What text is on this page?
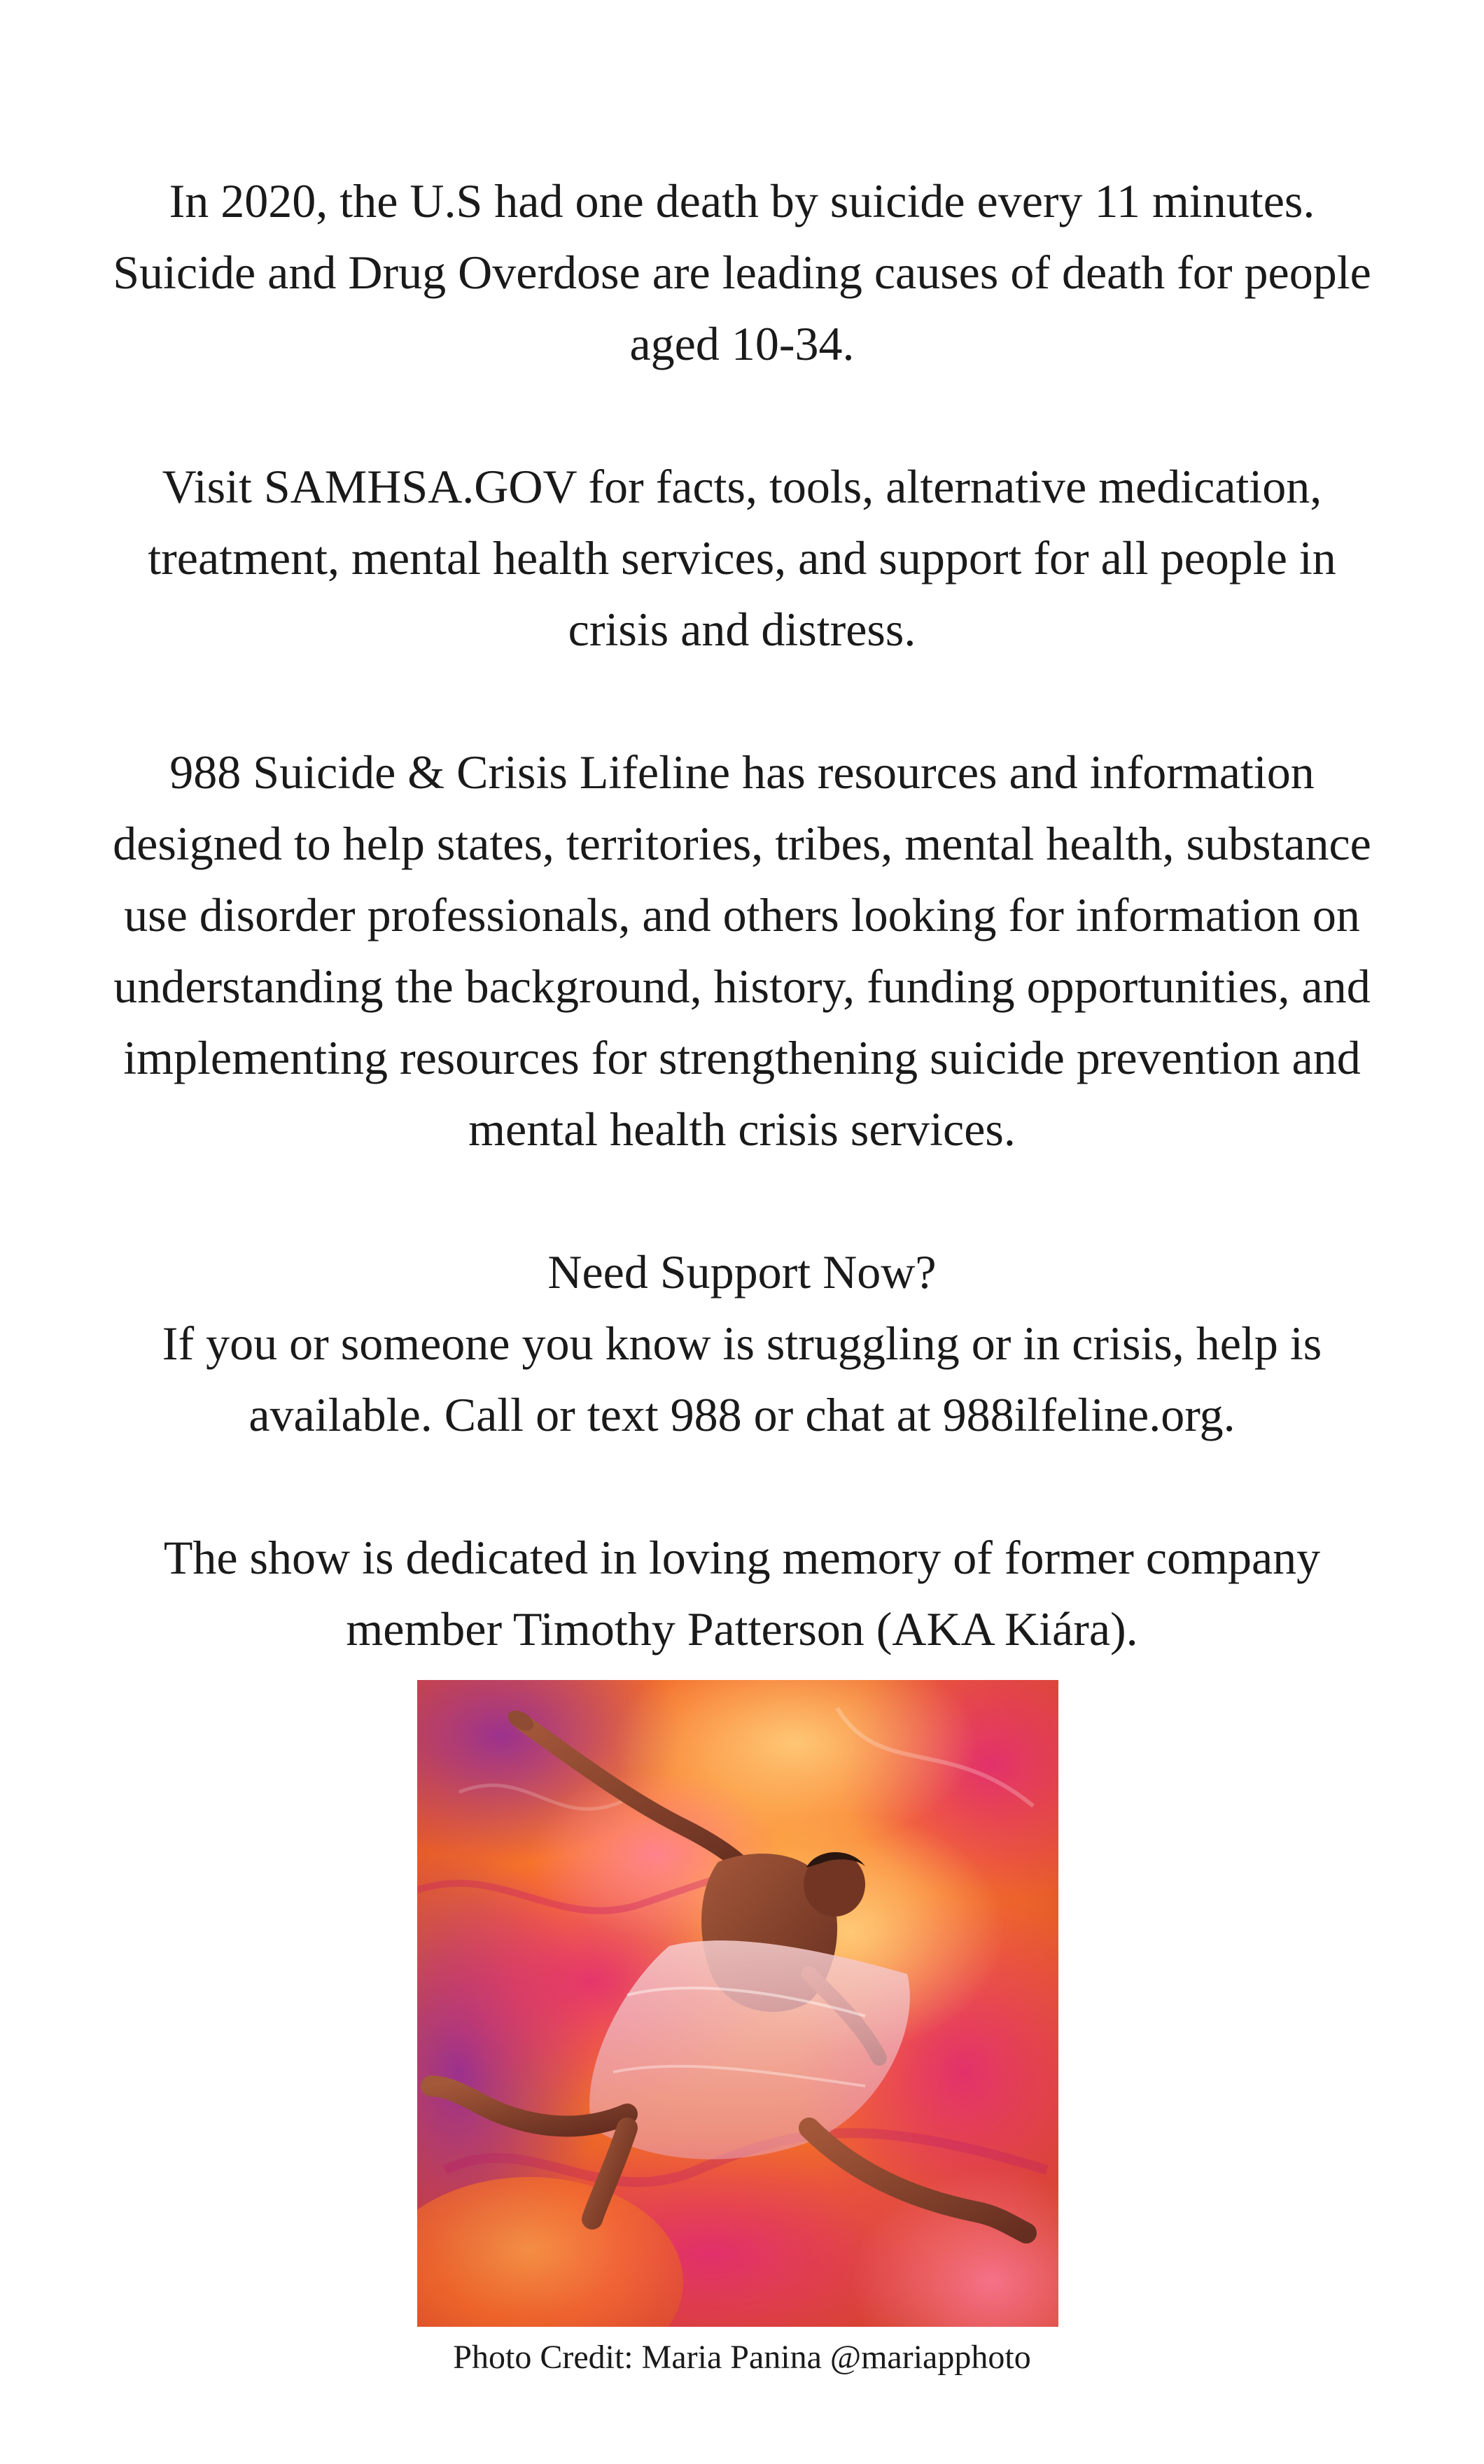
In 2020, the U.S had one death by suicide every 11 minutes.
Suicide and Drug Overdose are leading causes of death for people
aged 10-34.

Visit SAMHSA.GOV for facts, tools, alternative medication,
treatment, mental health services, and support for all people in
crisis and distress.

988 Suicide & Crisis Lifeline has resources and information
designed to help states, territories, tribes, mental health, substance
use disorder professionals, and others looking for information on
understanding the background, history, funding opportunities, and
implementing resources for strengthening suicide prevention and
mental health crisis services.

Need Support Now?
If you or someone you know is struggling or in crisis, help is
available. Call or text 988 or chat at 988ilfeline.org.

The show is dedicated in loving memory of former company
member Timothy Patterson (AKA Kiára).

Photo Credit: Maria Panina @mariapphoto
